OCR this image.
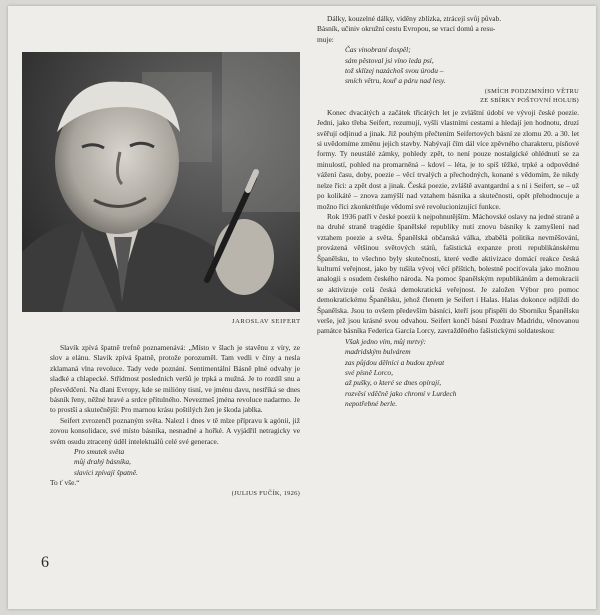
JAROSLAV SEIFERT
Dálky, kouzelné dálky, viděny zblízka, ztrácejí svůj půvab.
Básník, učiniv okružní cestu Evropou, se vrací domů a resu-
muje:
Čas vinobraní dospěl;
sám pěstoval jsi víno leda psí,
tož sklízej nazáchoš svou úrodu –
smích větru, kouř a páru nad lesy.
(SMÍCH PODZIMNÍHO VĚTRU
ZE SBÍRKY POŠTOVNÍ HOLUB)

Konec dvacátých a začátek třicátých let je zvláštní údobí ve vývoji české poezie. Jedni, jako třeba Seifert, rezumují, vyšli vlastními cestami a hledají jen hodnotu, druzí svěřují odjinud a jinak. Již pouhým přečtením Seifertových básní ze zlomu 20. a 30. let si uvědomíme změnu jejich stavby. Nabývají čím dál více zpěvného charakteru, písňové formy. Ty neustálé zámky, pohledy zpět, to není pouze nostalgické ohlédnutí se za minulostí, pohled na promarněná – kdoví – léta, je to spíš těžké, trpké a odpovědné vážení času, doby, poezie – věcí trvalých a přechodných, konané s vědomím, že nikdy nelze říci: a zpět dost a jinak. Česká poezie, zvláště avantgardní a s ní i Seifert, se – už po kolikáté – znova zamýšlí nad vztahem básníka a skutečnosti, opět přehodnocuje a možno říci zkonkrétňuje vědomí své revolucionizující funkce.

Rok 1936 patří v české poezii k nejpohnutějším. Máchovské oslavy na jedné straně a na druhé straně tragédie španělské republiky nutí znovu básníky k zamyšlení nad vztahem poezie a světa. Španělská občanská válka, zbabělá politika nevměšování, provázená většinou světových států, fašistická expanze proti republikánskému Španělsku, to všechno byly skutečnosti, které vedle aktivizace domácí reakce česká kulturní veřejnost, jako by tušila vývoj věcí příštích, bolestně pociťovala jako možnou analogii s osudem českého národa. Na pomoc španělským republikánům a demokracii se aktivizuje celá česká demokratická veřejnost. Je založen Výbor pro pomoc demokratickému Španělsku, jehož členem je Seifert i Halas. Halas dokonce odjíždí do Španělska. Jsou to ovšem především básníci, kteří jsou přispěli do Sborníku Španělsku verše, jež jsou krásné svou odvahou. Seifert končí básní Pozdrav Madridu, věnovanou památce básníka Federica García Lorcy, zavražděného fašistickými soldateskou:

Však jedno vím, můj mrtvý:
madridským bulvárem
zas půjdou dělníci a budou zpívat
své písně Lorco,
až pušky, o které se dnes opírají,
rozvěsí vděčně jako chromí v Lurdech
nepotřebné berle.

Slavík zpívá špatně trefně poznamenává: „Místo v šlach je stavěnu z víry, ze slov a elánu. Slavík zpívá špatně, protože porozuměl. Tam vedli v činy a nesla zklamaná vlna revoluce. Tady vede poznání. Sentimentální Básně plné odvahy je sladké a chlapecké. Střídmost posledních veršů je trpká a mužná. Je to rozdíl snu a přesvědčení. Na dlani Evropy, kde se milióny tisní, ve jménu davu, nestříká se dnes básník řeny, něžné hravé a srdce přítulného. Nevezmeš jména revoluce nadarmo. Je to prostší a skutečnější: Pro marnou krásu poštilých žen je škoda jablka.

Seifert zvrozenčl poznaným světa. Nalezl i dnes v tě mlze přípravu k agónii, již zovou konsolidace, své místo básníka, nesnadné a hořké. A vyjádřil netragicky ve svém osudu ztracený úděl intelektuálů celé své generace.

Pro smutek světa
můj drahý básníka,
slavíci zpívají špatně.
To ť vše.“
(JULIUS FUČÍK, 1926)
6
